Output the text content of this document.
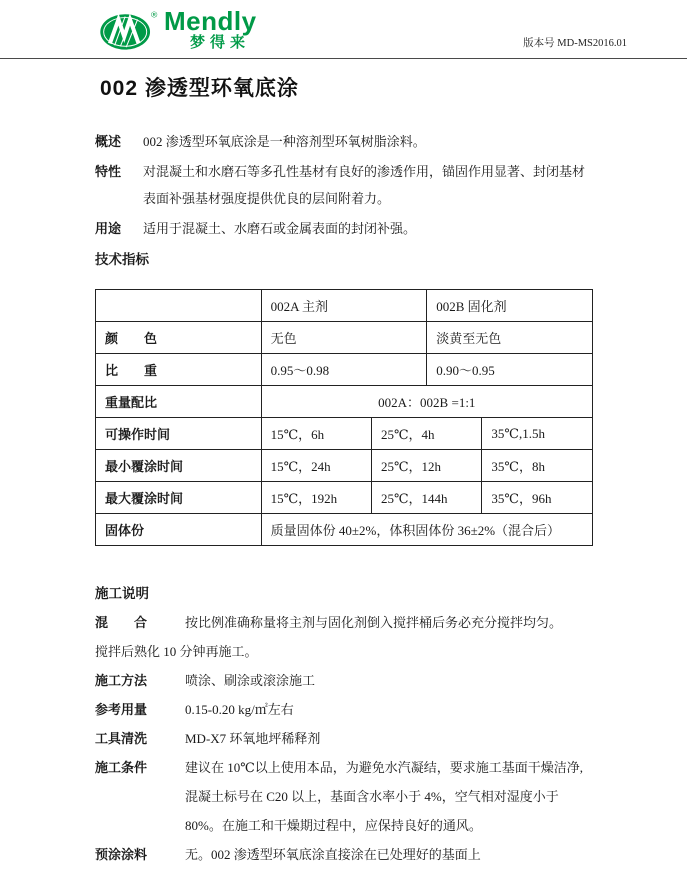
® Mendly
梦得来	版本号 MD-MS2016.01
002 渗透型环氧底涂
概述	002 渗透型环氧底涂是一种溶剂型环氧树脂涂料。
特性	对混凝土和水磨石等多孔性基材有良好的渗透作用，锚固作用显著、封闭基材表面补强基材强度提供优良的层间附着力。
用途	适用于混凝土、水磨石或金属表面的封闭补强。
技术指标
	002A 主剂		002B 固化剂	
颜　　色	无色		淡黄至无色	
比　　重	0.95～0.98		0.90～0.95	
重量配比	002A：002B =1:1			
可操作时间	15℃，6h	25℃，4h		35℃,1.5h
最小覆涂时间	15℃，24h	25℃，12h		35℃，8h
最大覆涂时间	15℃，192h	25℃，144h		35℃，96h
固体份	质量固体份 40±2%，体积固体份 36±2%（混合后）			
施工说明
混　　合	按比例准确称量将主剂与固化剂倒入搅拌桶后务必充分搅拌均匀。
搅拌后熟化 10 分钟再施工。
施工方法	喷涂、刷涂或滚涂施工
参考用量	0.15-0.20 kg/㎡左右
工具清洗	MD-X7 环氧地坪稀释剂
施工条件	建议在 10℃以上使用本品，为避免水汽凝结，要求施工基面干燥洁净,混凝土标号在 C20 以上，基面含水率小于 4%，空气相对湿度小于 80%。在施工和干燥期过程中，应保持良好的通风。
预涂涂料	无。002 渗透型环氧底涂直接涂在已处理好的基面上
